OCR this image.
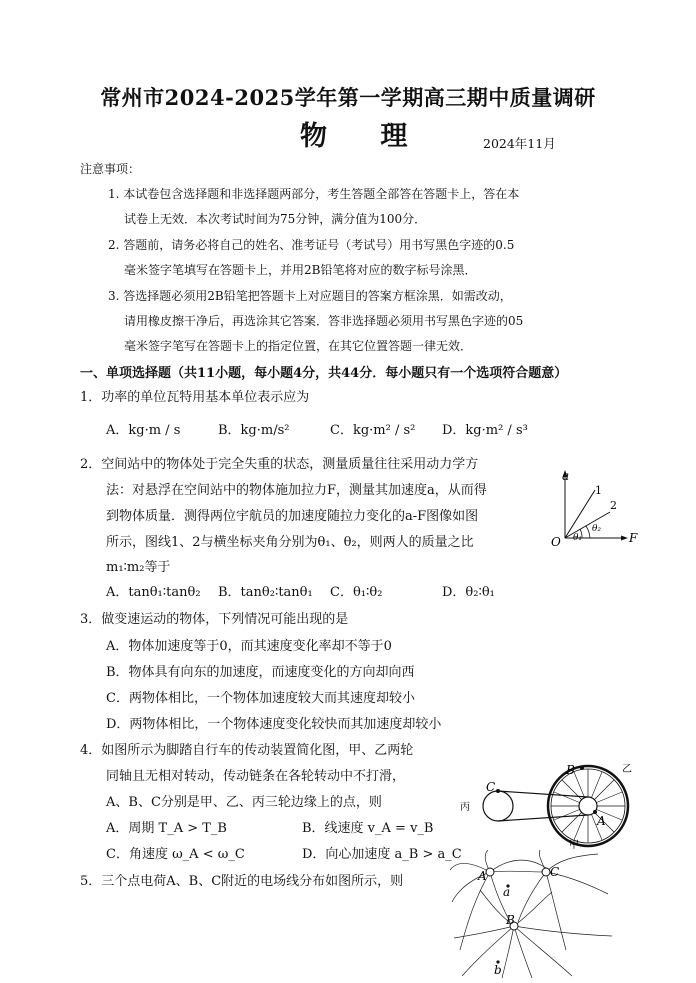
常州市2024-2025学年第一学期高三期中质量调研
物 理	2024年11月
注意事项：
1. 本试卷包含选择题和非选择题两部分，考生答题全部答在答题卡上，答在本
试卷上无效．本次考试时间为75分钟，满分值为100分．
2. 答题前，请务必将自己的姓名、准考证号（考试号）用书写黑色字迹的0.5
毫米签字笔填写在答题卡上，并用2B铅笔将对应的数字标号涂黑．
3. 答选择题必须用2B铅笔把答题卡上对应题目的答案方框涂黑．如需改动，
请用橡皮擦干净后，再选涂其它答案．答非选择题必须用书写黑色字迹的05
毫米签字笔写在答题卡上的指定位置，在其它位置答题一律无效．
一、单项选择题（共11小题，每小题4分，共44分．每小题只有一个选项符合题意）
1．功率的单位瓦特用基本单位表示应为
A．kg·m / s	B．kg·m/s²	C．kg·m² / s² D．kg·m² / s³
2．空间站中的物体处于完全失重的状态，测量质量往往采用动力学方
法：对悬浮在空间站中的物体施加拉力F，测量其加速度a，从而得
到物体质量．测得两位宇航员的加速度随拉力变化的a-F图像如图
所示，图线1、2与横坐标夹角分别为θ₁、θ₂，则两人的质量之比
m₁∶m₂等于
A．tanθ₁∶tanθ₂ B．tanθ₂∶tanθ₁ C．θ₁∶θ₂	D．θ₂∶θ₁
a
F
O
1
2
θ₁
θ₂
3．做变速运动的物体，下列情况可能出现的是
A．物体加速度等于0，而其速度变化率却不等于0
B．物体具有向东的加速度，而速度变化的方向却向西
C．两物体相比，一个物体加速度较大而其速度却较小
D．两物体相比，一个物体速度变化较快而其加速度却较小
4．如图所示为脚踏自行车的传动装置简化图，甲、乙两轮
同轴且无相对转动，传动链条在各轮转动中不打滑，
A、B、C分别是甲、乙、丙三轮边缘上的点，则
A．周期 T_A > T_B	B．线速度 v_A = v_B
C．角速度 ω_A < ω_C	D．向心加速度 a_B > a_C
C
B
A
丙
乙
甲
5．三个点电荷A、B、C附近的电场线分布如图所示，则	A	C
B
a
b
